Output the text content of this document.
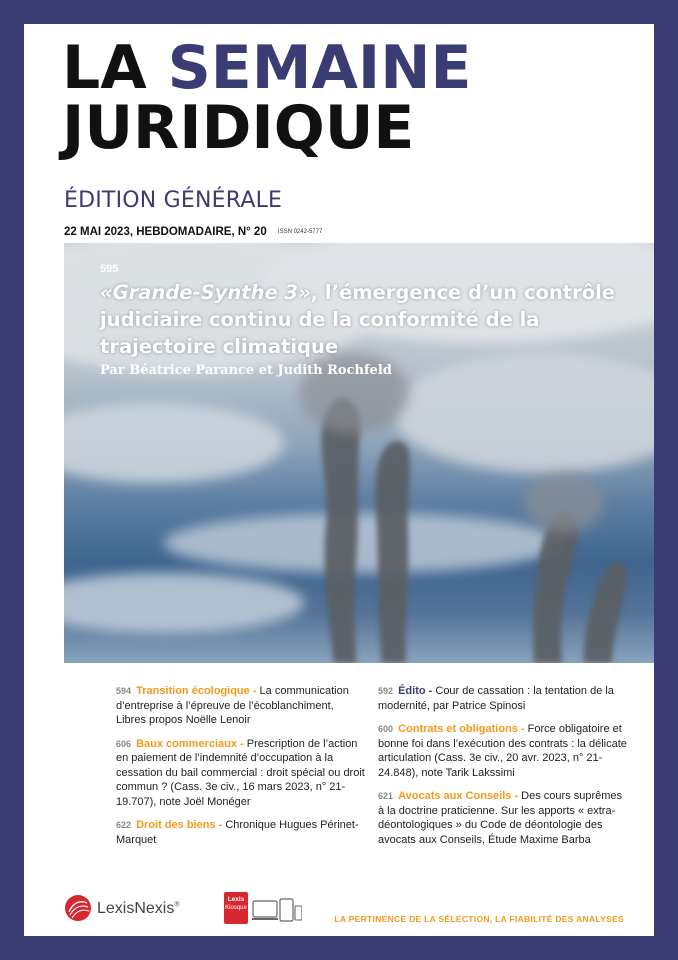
LA SEMAINE
JURIDIQUE
ÉDITION GÉNÉRALE
22 MAI 2023, HEBDOMADAIRE, N° 20 ISSN 0242-5777
595
«Grande-Synthe 3», l’émergence d’un contrôle judiciaire continu de la conformité de la trajectoire climatique
Par Béatrice Parance et Judith Rochfeld
594 Transition écologique - La communication d’entreprise à l’épreuve de l’écoblanchiment, Libres propos Noëlle Lenoir
606 Baux commerciaux - Prescription de l’action en paiement de l’indemnité d’occupation à la cessation du bail commercial : droit spécial ou droit commun ? (Cass. 3e civ., 16 mars 2023, n° 21-19.707), note Joël Monéger
622 Droit des biens - Chronique Hugues Périnet-Marquet
592 Édito - Cour de cassation : la tentation de la modernité, par Patrice Spinosi
600 Contrats et obligations - Force obligatoire et bonne foi dans l’exécution des contrats : la délicate articulation (Cass. 3e civ., 20 avr. 2023, n° 21-24.848), note Tarik Lakssimi
621 Avocats aux Conseils - Des cours suprêmes à la doctrine praticienne. Sur les apports « extra-déontologiques » du Code de déontologie des avocats aux Conseils, Étude Maxime Barba
LexisNexis®
Lexis
Kiosque
LA PERTINENCE DE LA SÉLECTION, LA FIABILITÉ DES ANALYSES
